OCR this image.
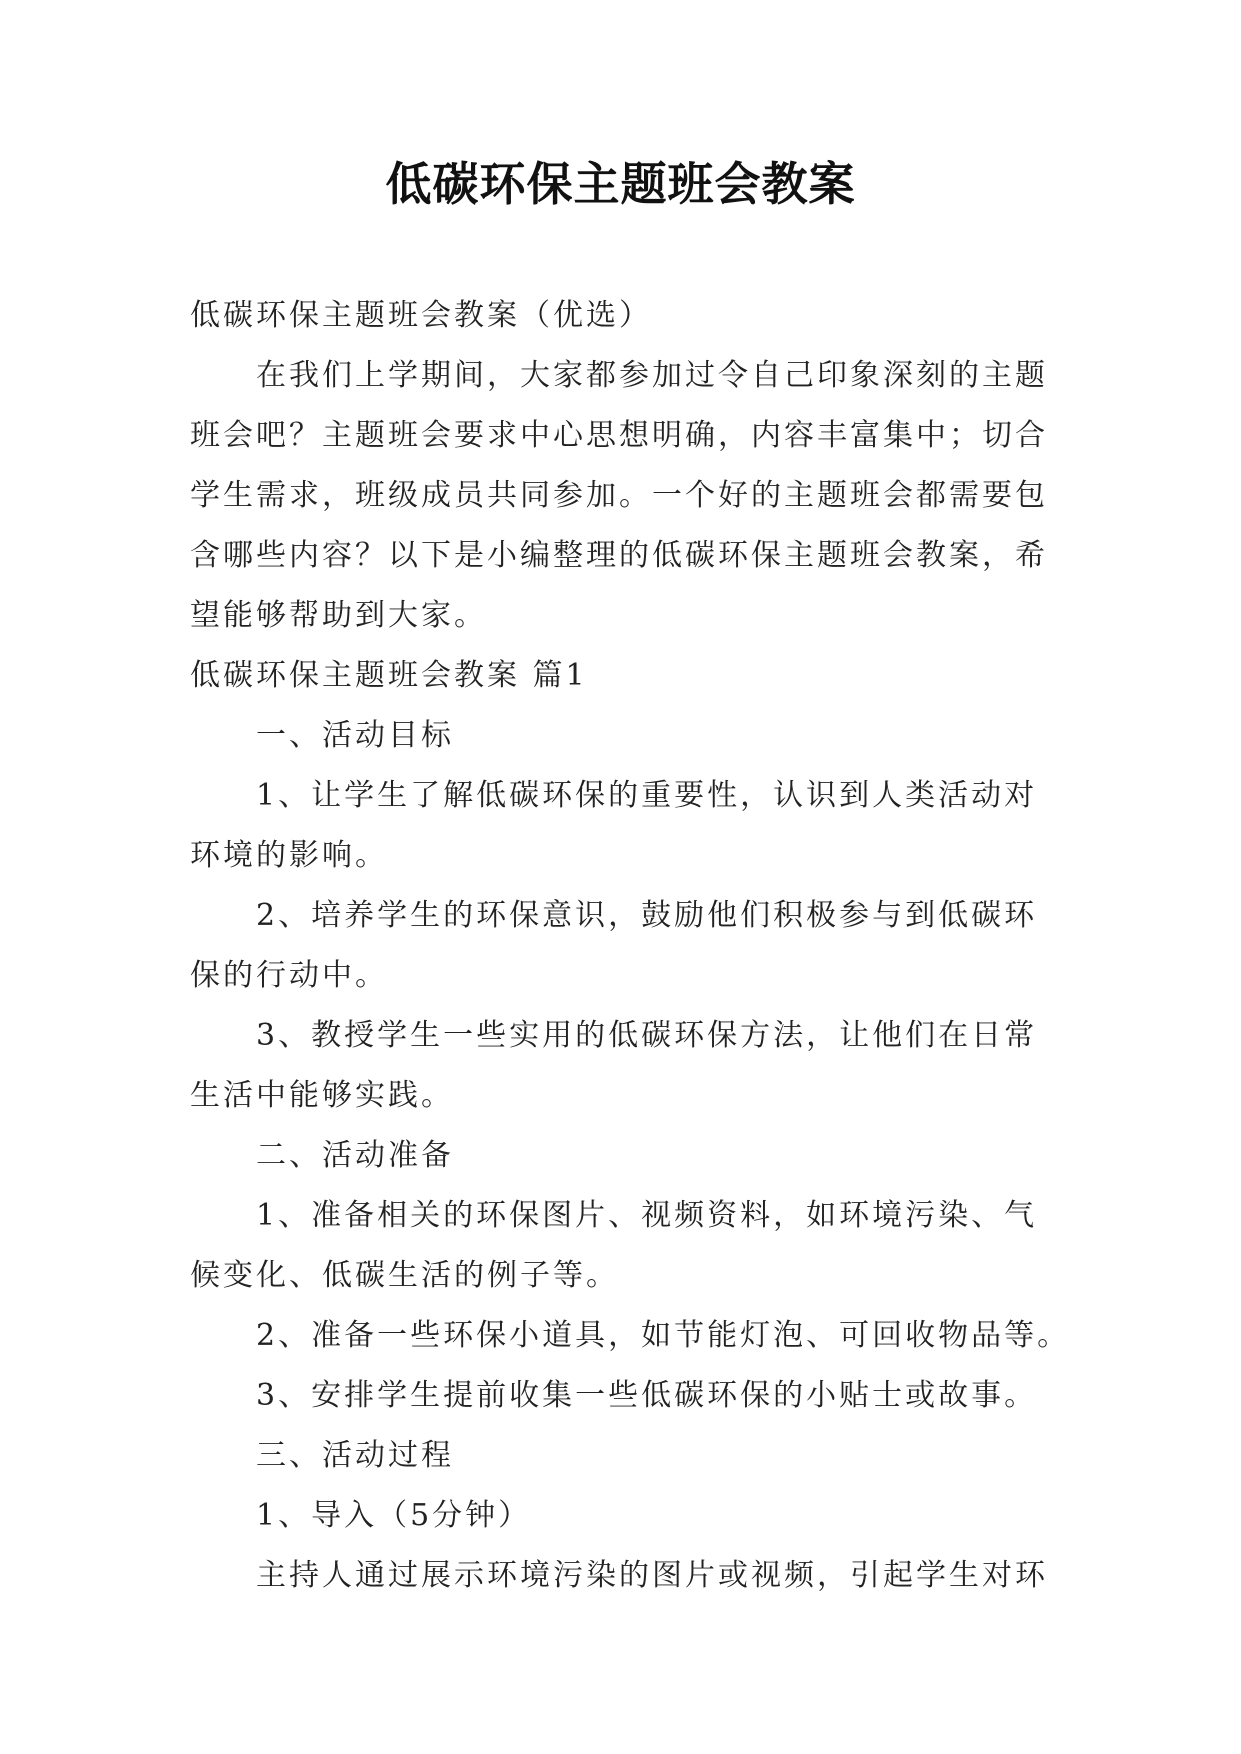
低碳环保主题班会教案
低碳环保主题班会教案（优选）
在我们上学期间，大家都参加过令自己印象深刻的主题
班会吧？主题班会要求中心思想明确，内容丰富集中；切合
学生需求，班级成员共同参加。一个好的主题班会都需要包
含哪些内容？以下是小编整理的低碳环保主题班会教案，希
望能够帮助到大家。
低碳环保主题班会教案 篇1
一、活动目标
1、让学生了解低碳环保的重要性，认识到人类活动对
环境的影响。
2、培养学生的环保意识，鼓励他们积极参与到低碳环
保的行动中。
3、教授学生一些实用的低碳环保方法，让他们在日常
生活中能够实践。
二、活动准备
1、准备相关的环保图片、视频资料，如环境污染、气
候变化、低碳生活的例子等。
2、准备一些环保小道具，如节能灯泡、可回收物品等。
3、安排学生提前收集一些低碳环保的小贴士或故事。
三、活动过程
1、导入（5分钟）
主持人通过展示环境污染的图片或视频，引起学生对环
